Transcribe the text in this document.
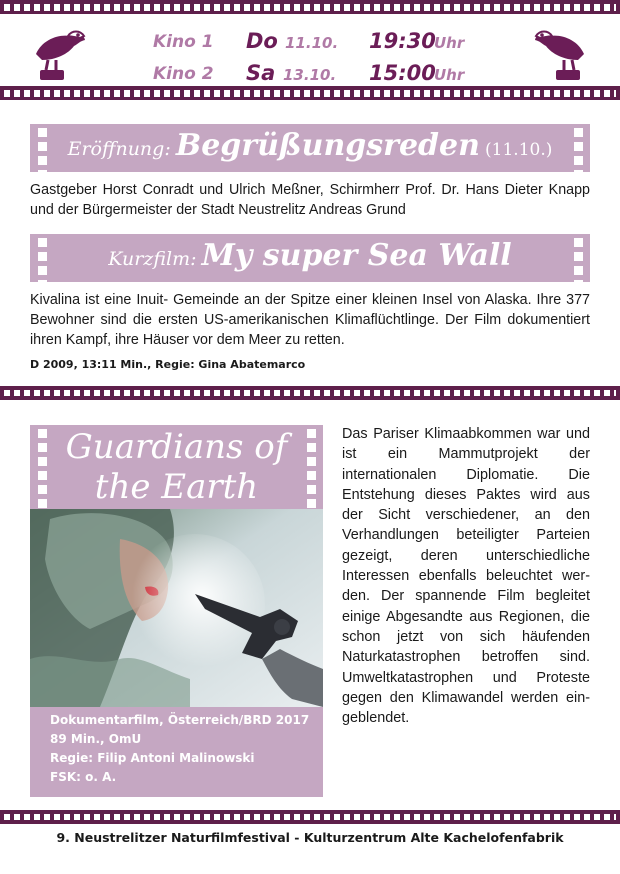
Kino 1 Do 11.10. 19:30
Uhr
Kino 2 Sa 13.10. 15:00
Uhr
Eröffnung: Begrüßungsreden (11.10.)
Gastgeber Horst Conradt und Ulrich Meßner, Schirmherr Prof. Dr. Hans Dieter Knapp und der Bürgermeister der Stadt Neustrelitz Andreas Grund
Kurzfilm: My super Sea Wall
Kivalina ist eine Inuit- Gemeinde an der Spitze einer kleinen Insel von Alaska. Ihre 377 Bewohner sind die ersten US-amerikanischen Klimaflüchtlinge. Der Film dokumentiert ihren Kampf, ihre Häuser vor dem Meer zu retten.
D 2009, 13:11 Min., Regie: Gina Abatemarco
Guardians of
the Earth
Dokumentarfilm, Österreich/BRD 2017
89 Min., OmU
Regie: Filip Antoni Malinowski
FSK: o. A.
Das Pariser Klimaabkommen war und ist ein Mammutprojekt der internationalen Diplomatie. Die Entstehung dieses Paktes wird aus der Sicht verschiedener, an den Verhandlungen beteiligter Parteien gezeigt, deren unterschiedliche Interessen ebenfalls beleuchtet werden. Der spannende Film begleitet einige Abgesandte aus Regionen, die schon jetzt von sich häufenden Naturkatastrophen betroffen sind. Umweltkatastrophen und Proteste gegen den Klimawandel werden eingeblendet.
9. Neustrelitzer Naturfilmfestival - Kulturzentrum Alte Kachelofenfabrik
